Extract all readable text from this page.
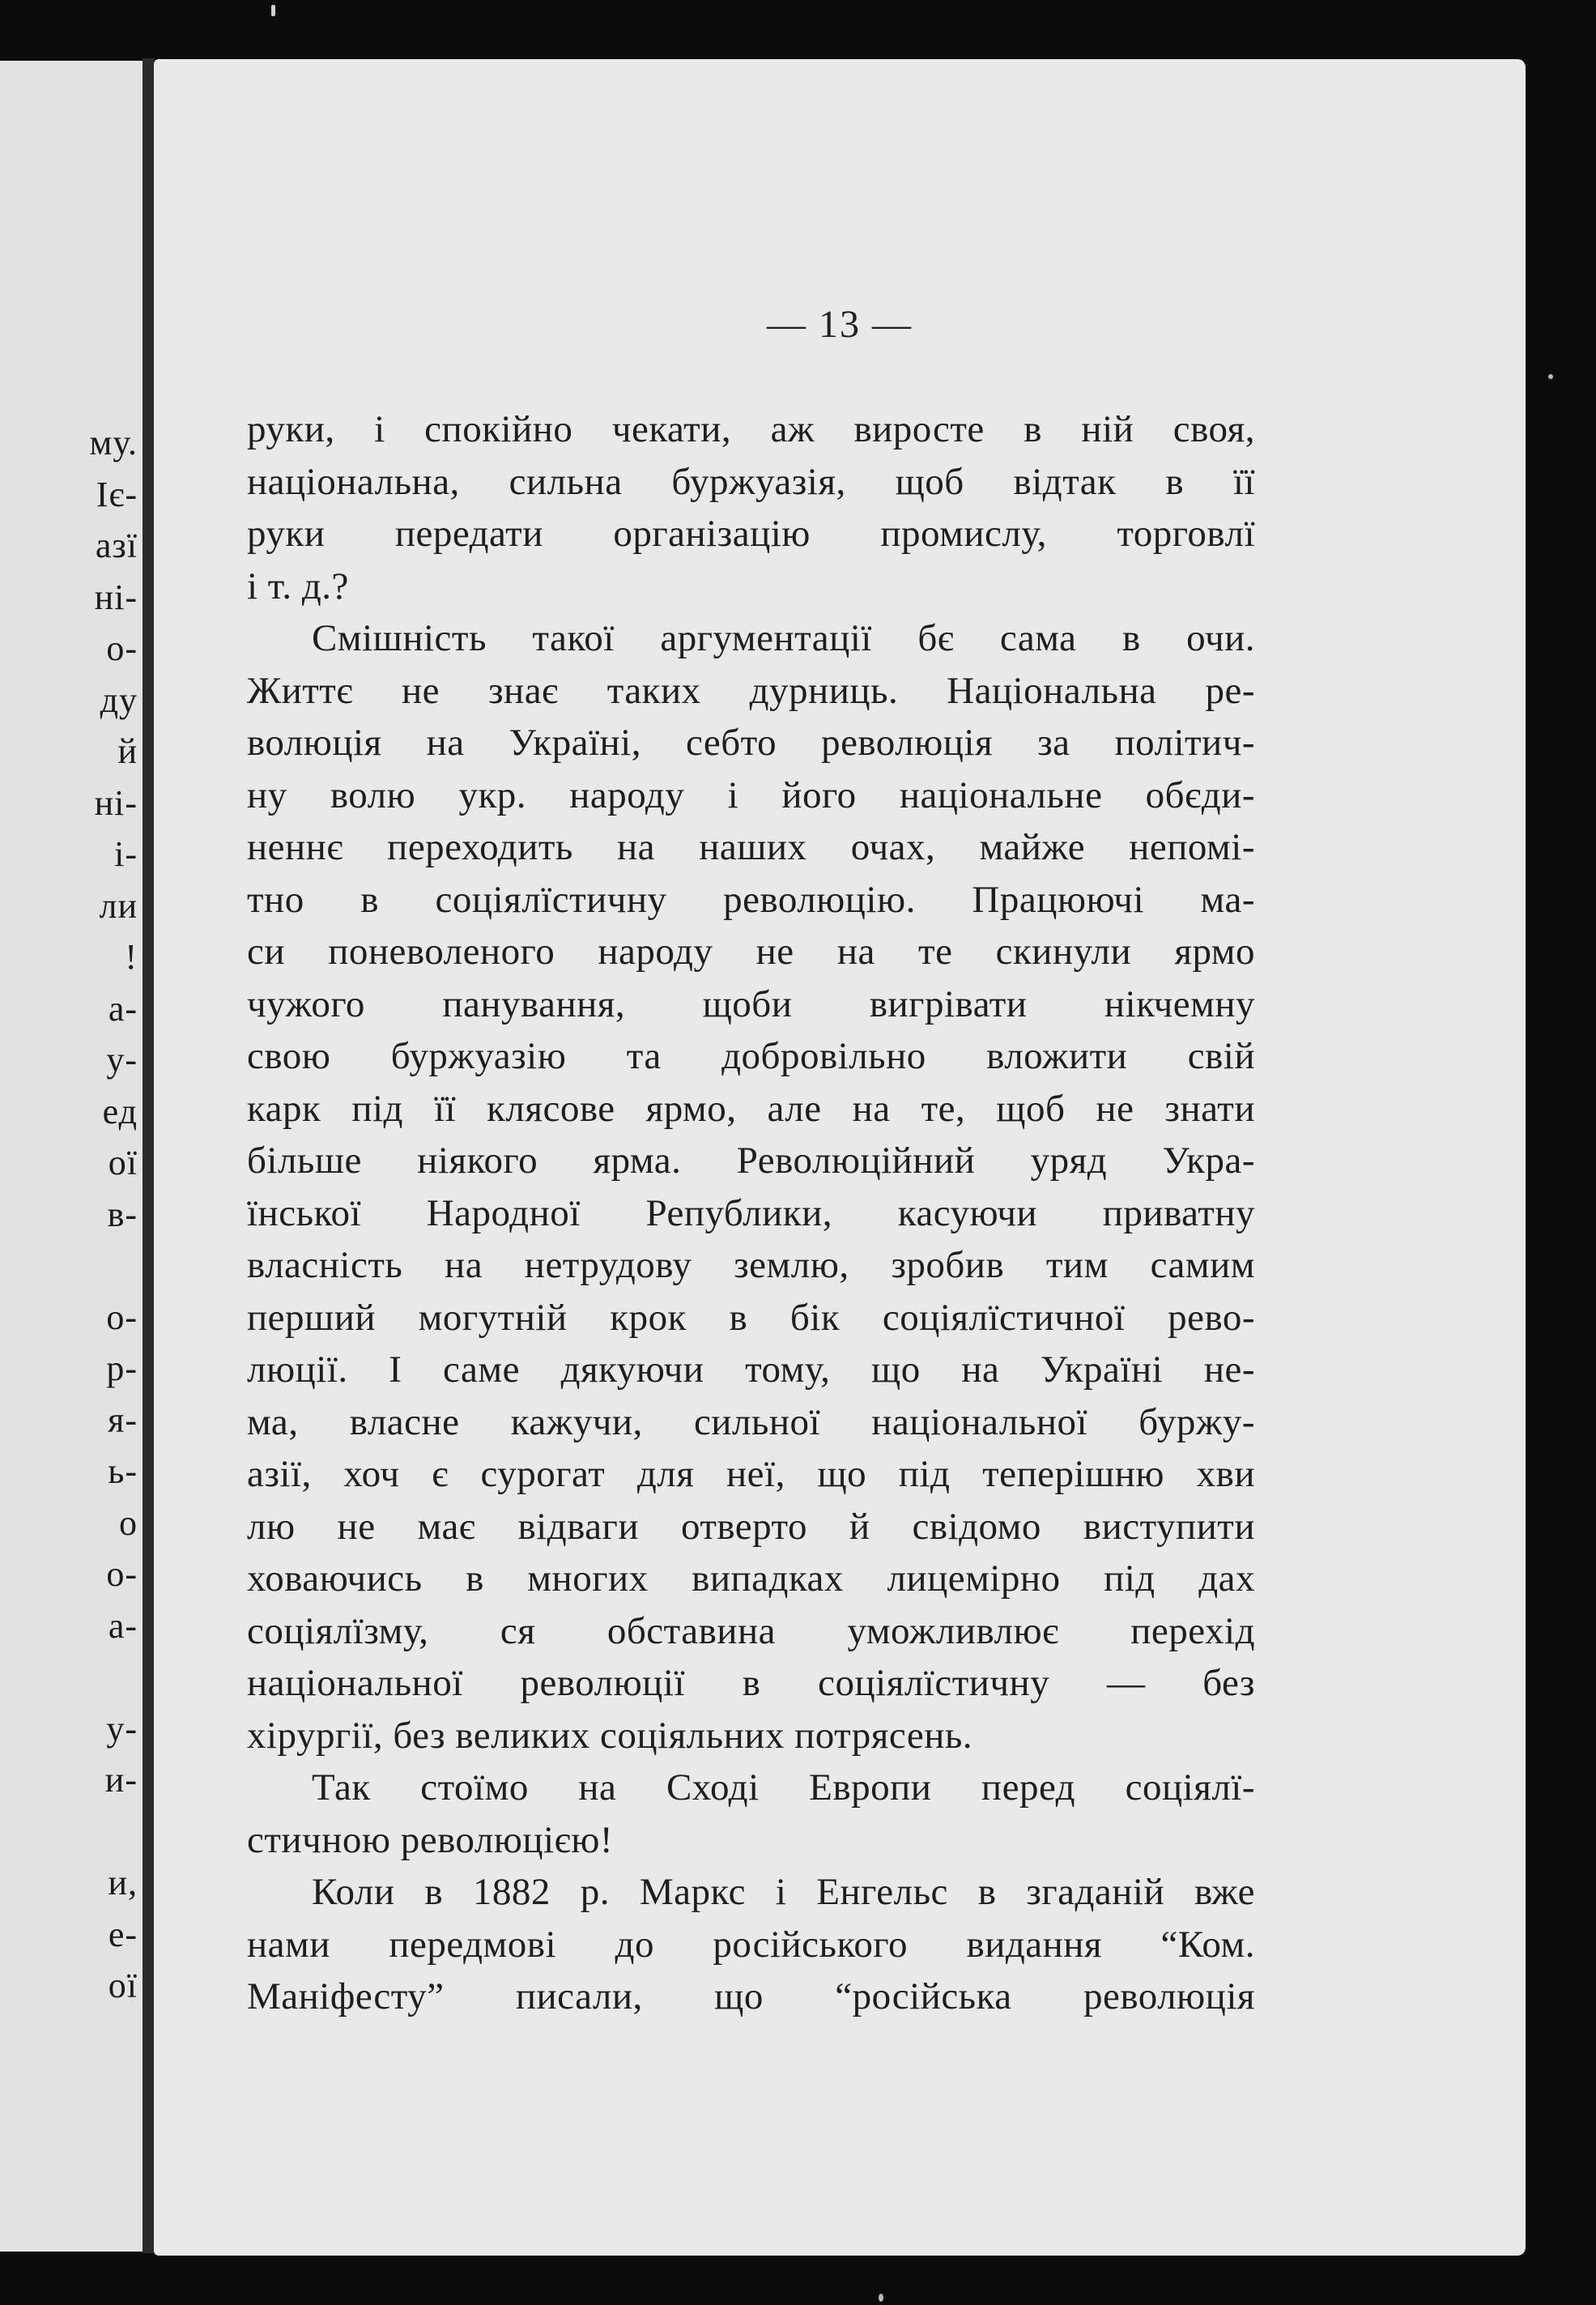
му.
Іє-
азї
ні-
о-
ду
й
ні-
і-
ли
!
а-
у-
ед
ої
в-
о-
р-
я-
ь-
о
о-
а-
у-
и-
и,
е-
ої
— 13 —
руки, і спокійно чекати, аж виросте в ній своя,
національна, сильна буржуазія, щоб відтак в її
руки передати організацію промислу, торговлї
і т. д.?
Смішність такої аргументації бє сама в очи.
Життє не знає таких дурниць. Національна ре-
волюція на Україні, себто революція за політич-
ну волю укр. народу і його національне обєди-
неннє переходить на наших очах, майже непомі-
тно в соціялїстичну революцію. Працюючі ма-
си поневоленого народу не на те скинули ярмо
чужого панування, щоби вигрівати нікчемну
свою буржуазію та добровільно вложити свій
карк під її клясове ярмо, але на те, щоб не знати
більше ніякого ярма. Революційний уряд Укра-
їнської Народної Републики, касуючи приватну
власність на нетрудову землю, зробив тим самим
перший могутній крок в бік соціялїстичної рево-
люції. І саме дякуючи тому, що на Україні не-
ма, власне кажучи, сильної національної буржу-
азії, хоч є сурогат для неї, що під теперішню хви
лю не має відваги отверто й свідомо виступити
ховаючись в многих випадках лицемірно під дах
соціялїзму, ся обставина уможливлює перехід
національної революції в соціялїстичну — без
хірургії, без великих соціяльних потрясень.
Так стоїмо на Сході Европи перед соціялї-
стичною революцією!
Коли в 1882 р. Маркс і Енгельс в згаданій вже
нами передмові до російського видання “Ком.
Маніфесту” писали, що “російська революція
